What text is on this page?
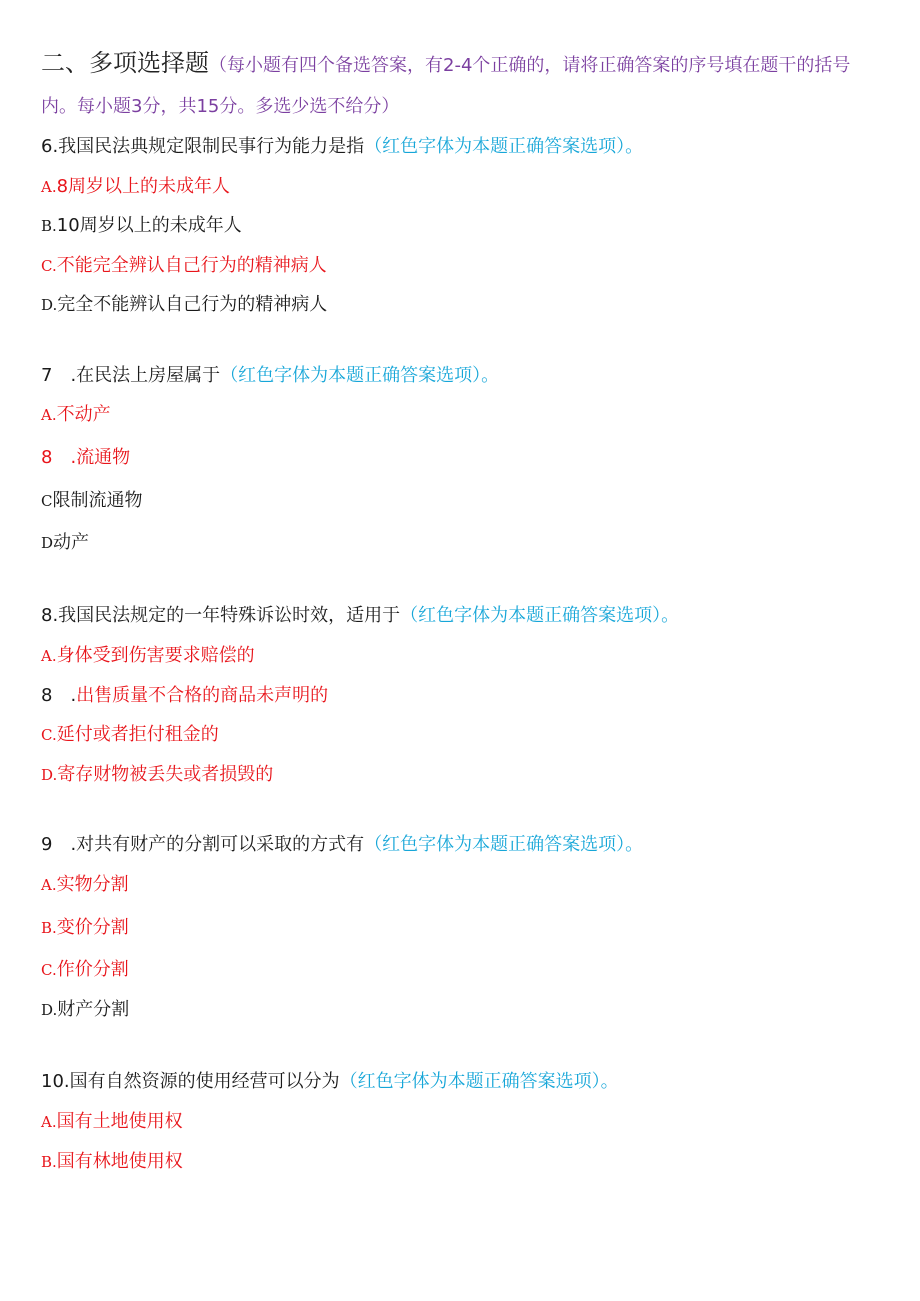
二、多项选择题（每小题有四个备选答案，有2-4个正确的，请将正确答案的序号填在题干的括号
内。每小题3分，共15分。多选少选不给分）
6.我国民法典规定限制民事行为能力是指（红色字体为本题正确答案选项）。
A.8周岁以上的未成年人
B.10周岁以上的未成年人
C.不能完全辨认自己行为的精神病人
D.完全不能辨认自己行为的精神病人
7　.在民法上房屋属于（红色字体为本题正确答案选项）。
A.不动产
8　.流通物
C限制流通物
D动产
8.我国民法规定的一年特殊诉讼时效，适用于（红色字体为本题正确答案选项）。
A.身体受到伤害要求赔偿的
8　.出售质量不合格的商品未声明的
C.延付或者拒付租金的
D.寄存财物被丢失或者损毁的
9　.对共有财产的分割可以采取的方式有（红色字体为本题正确答案选项）。
A.实物分割
B.变价分割
C.作价分割
D.财产分割
10.国有自然资源的使用经营可以分为（红色字体为本题正确答案选项）。
A.国有土地使用权
B.国有林地使用权
